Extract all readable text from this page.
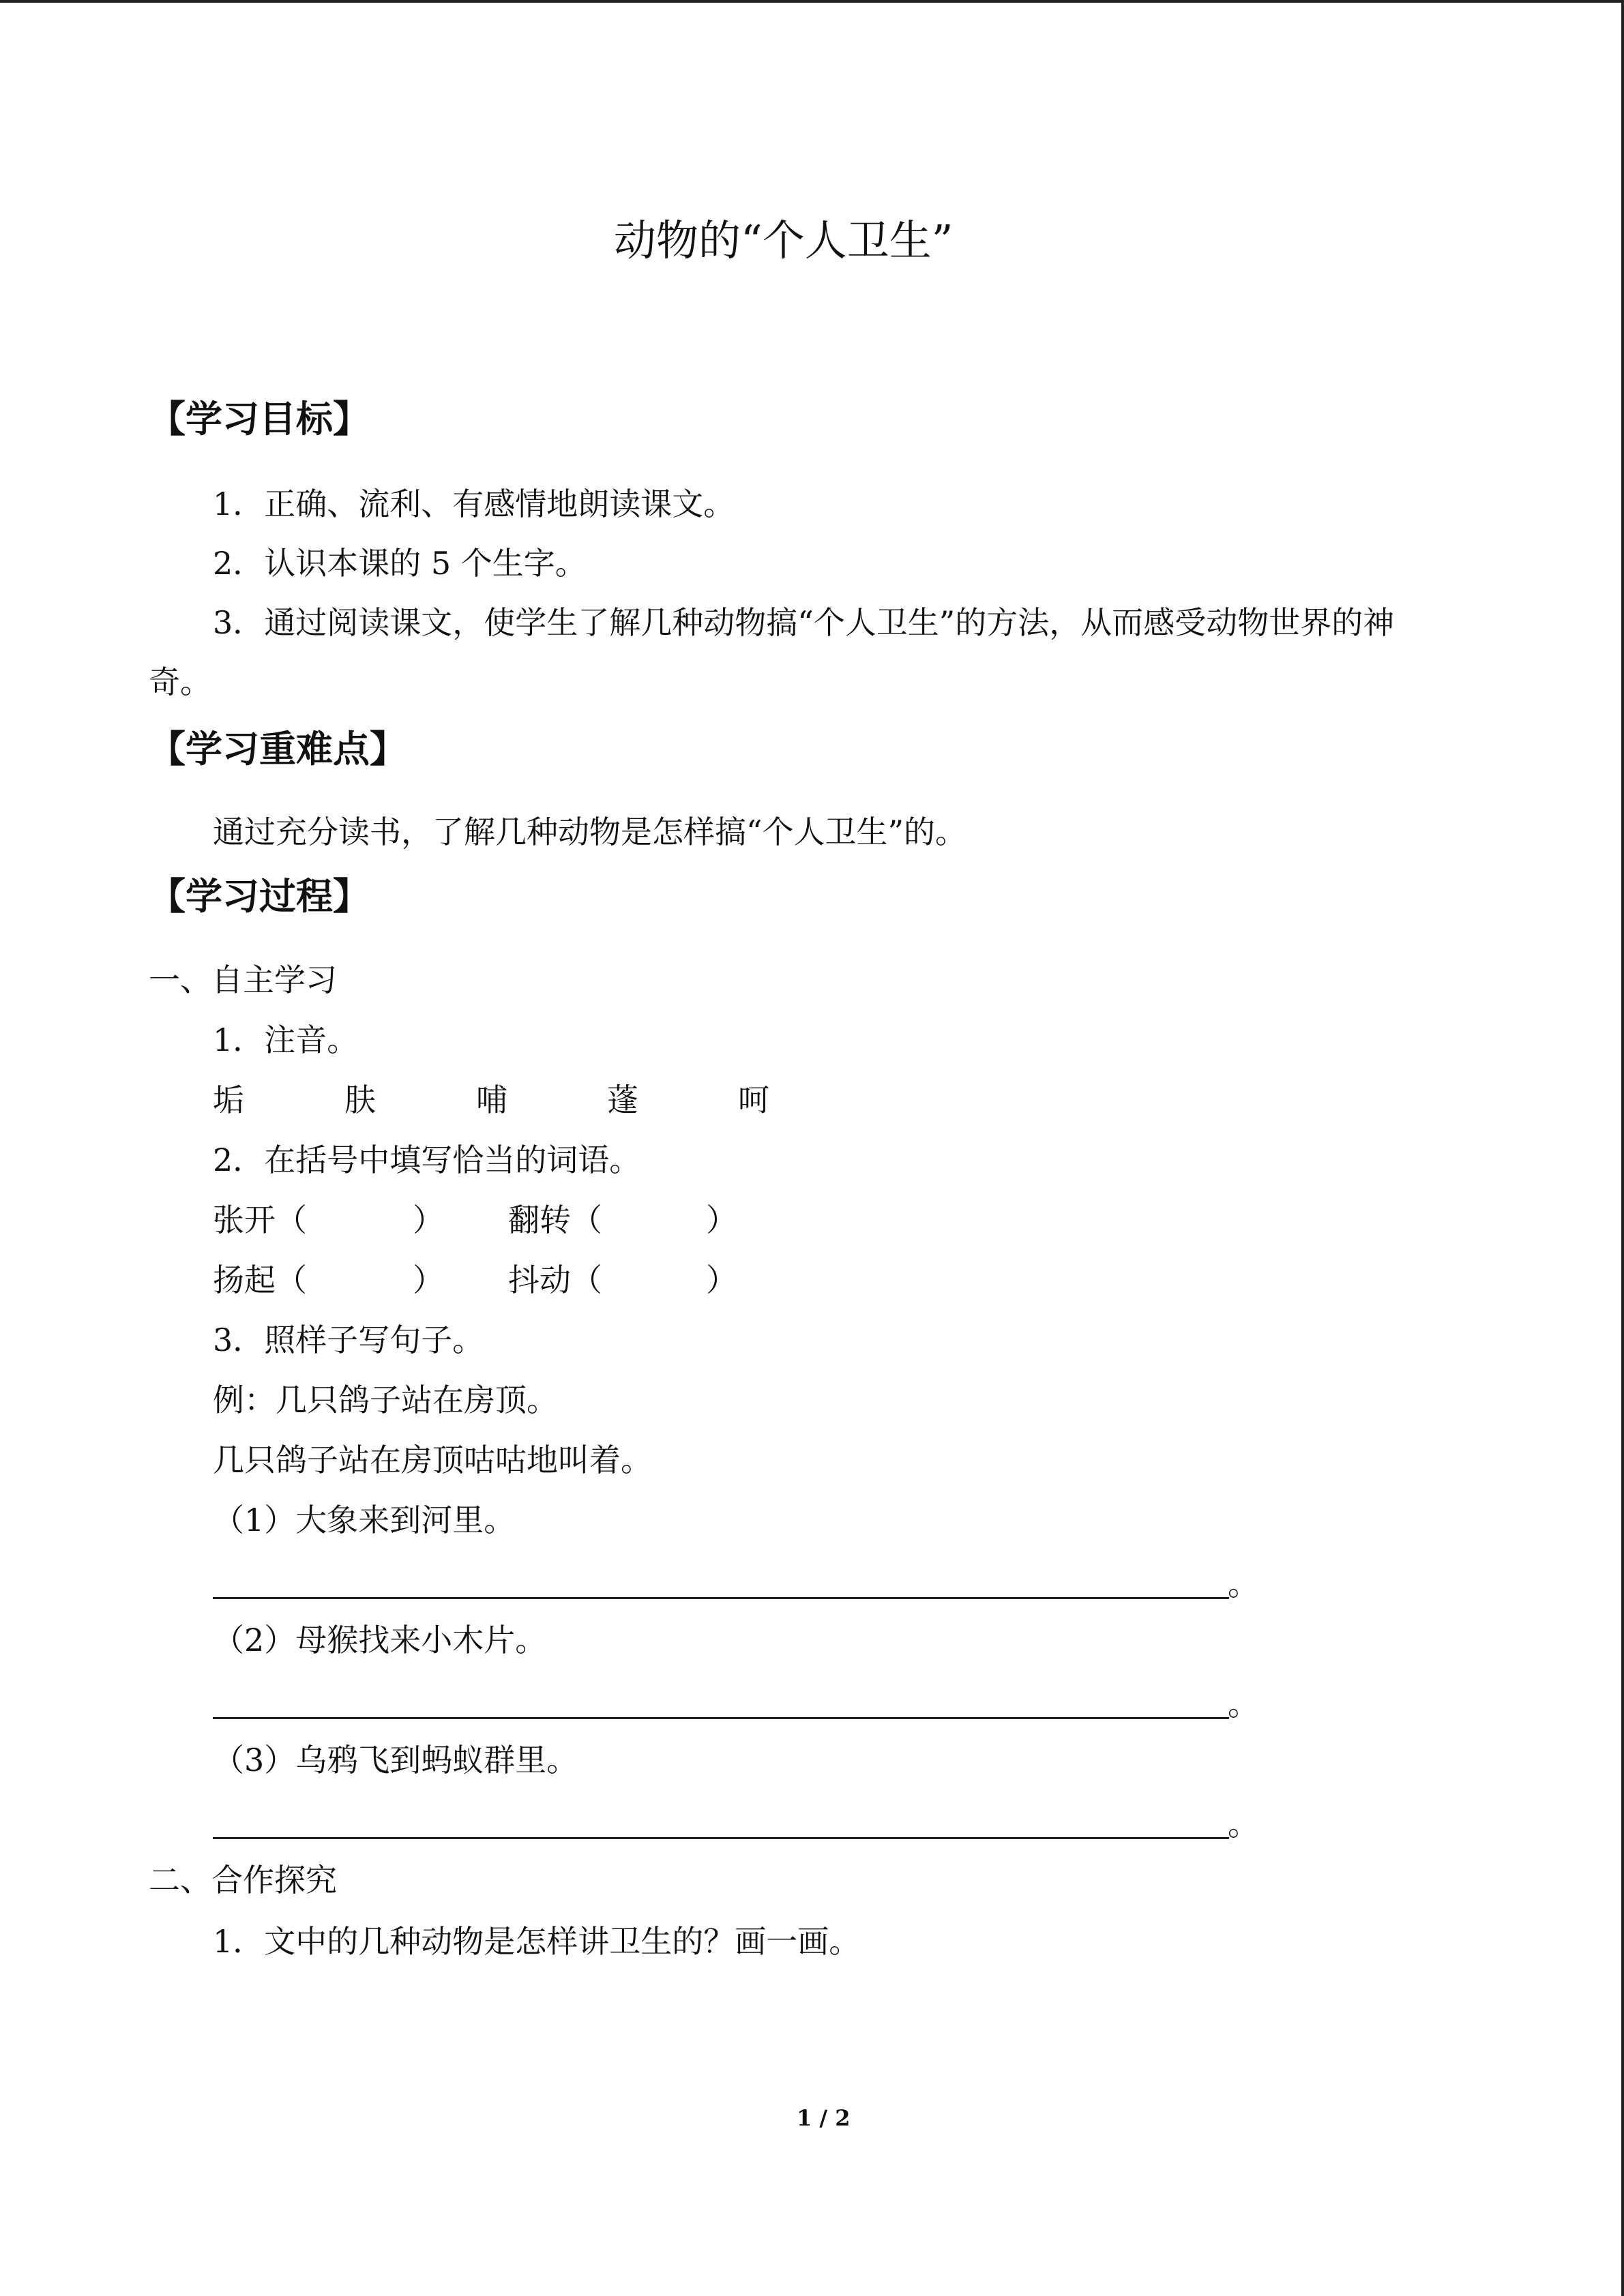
动物的“个人卫生”
【学习目标】
1．正确、流利、有感情地朗读课文。
2．认识本课的 5 个生字。
3．通过阅读课文，使学生了解几种动物搞“个人卫生”的方法，从而感受动物世界的神
奇。
【学习重难点】
通过充分读书，了解几种动物是怎样搞“个人卫生”的。
【学习过程】
一、自主学习
1．注音。
垢	肤	哺	蓬	呵
2．在括号中填写恰当的词语。
张开（	） 翻转（	）
扬起（	） 抖动（	）
3．照样子写句子。
例：几只鸽子站在房顶。
几只鸽子站在房顶咕咕地叫着。
（1）大象来到河里。
。
（2）母猴找来小木片。
。
（3）乌鸦飞到蚂蚁群里。
。
二、合作探究
1．文中的几种动物是怎样讲卫生的？画一画。
1 / 2
